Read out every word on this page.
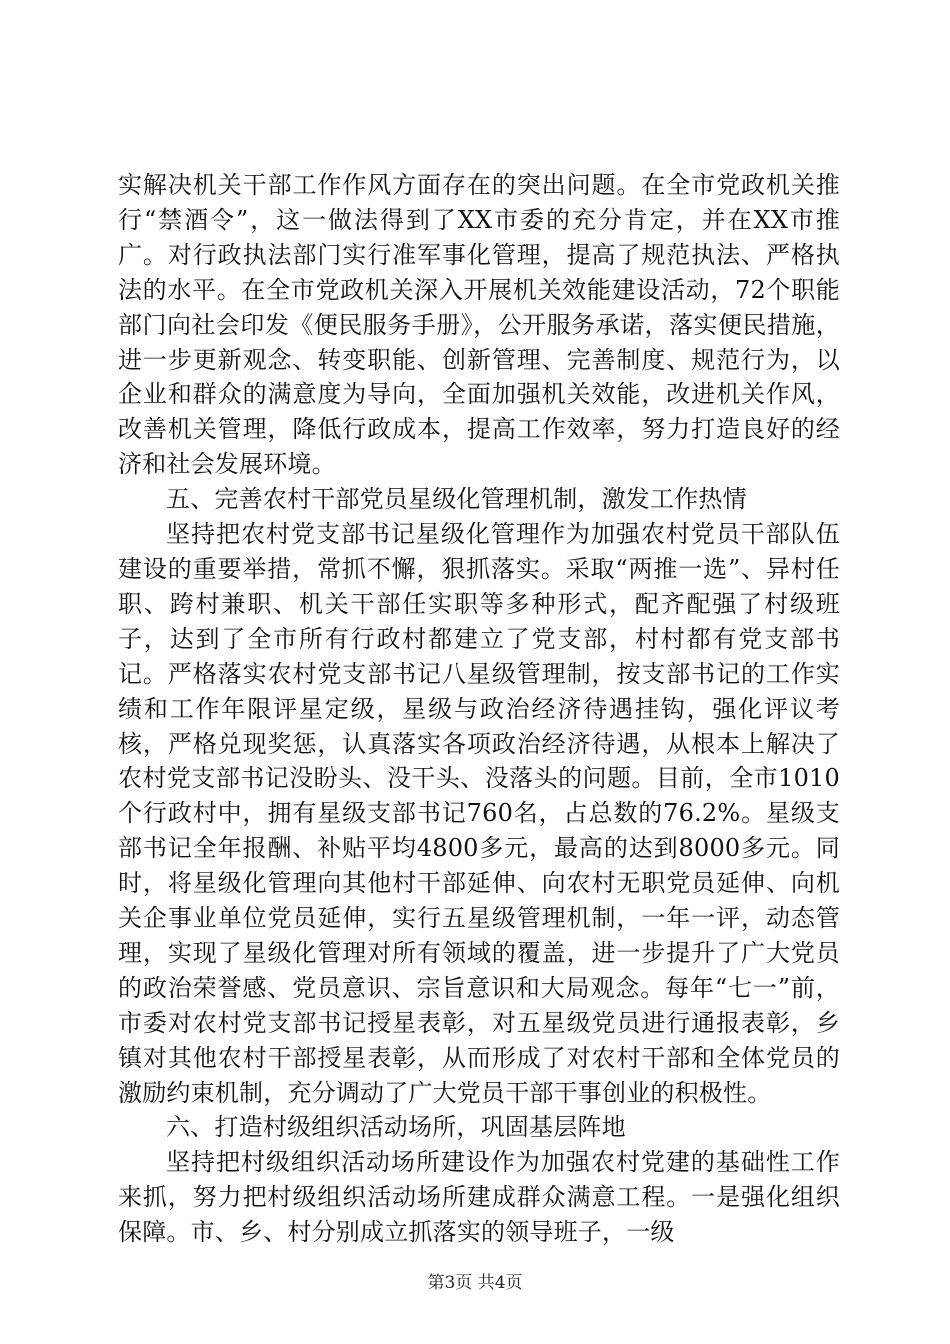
实解决机关干部工作作风方面存在的突出问题。在全市党政机关推行“禁酒令”，这一做法得到了XX市委的充分肯定，并在XX市推广。对行政执法部门实行准军事化管理，提高了规范执法、严格执法的水平。在全市党政机关深入开展机关效能建设活动，72个职能部门向社会印发《便民服务手册》，公开服务承诺，落实便民措施，进一步更新观念、转变职能、创新管理、完善制度、规范行为，以企业和群众的满意度为导向，全面加强机关效能，改进机关作风，改善机关管理，降低行政成本，提高工作效率，努力打造良好的经济和社会发展环境。

五、完善农村干部党员星级化管理机制，激发工作热情

坚持把农村党支部书记星级化管理作为加强农村党员干部队伍建设的重要举措，常抓不懈，狠抓落实。采取“两推一选”、异村任职、跨村兼职、机关干部任实职等多种形式，配齐配强了村级班子，达到了全市所有行政村都建立了党支部，村村都有党支部书记。严格落实农村党支部书记八星级管理制，按支部书记的工作实绩和工作年限评星定级，星级与政治经济待遇挂钩，强化评议考核，严格兑现奖惩，认真落实各项政治经济待遇，从根本上解决了农村党支部书记没盼头、没干头、没落头的问题。目前，全市1010个行政村中，拥有星级支部书记760名，占总数的76.2%。星级支部书记全年报酬、补贴平均4800多元，最高的达到8000多元。同时，将星级化管理向其他村干部延伸、向农村无职党员延伸、向机关企事业单位党员延伸，实行五星级管理机制，一年一评，动态管理，实现了星级化管理对所有领域的覆盖，进一步提升了广大党员的政治荣誉感、党员意识、宗旨意识和大局观念。每年“七一”前，市委对农村党支部书记授星表彰，对五星级党员进行通报表彰，乡镇对其他农村干部授星表彰，从而形成了对农村干部和全体党员的激励约束机制，充分调动了广大党员干部干事创业的积极性。

六、打造村级组织活动场所，巩固基层阵地

坚持把村级组织活动场所建设作为加强农村党建的基础性工作来抓，努力把村级组织活动场所建成群众满意工程。一是强化组织保障。市、乡、村分别成立抓落实的领导班子，一级

第3页 共4页
